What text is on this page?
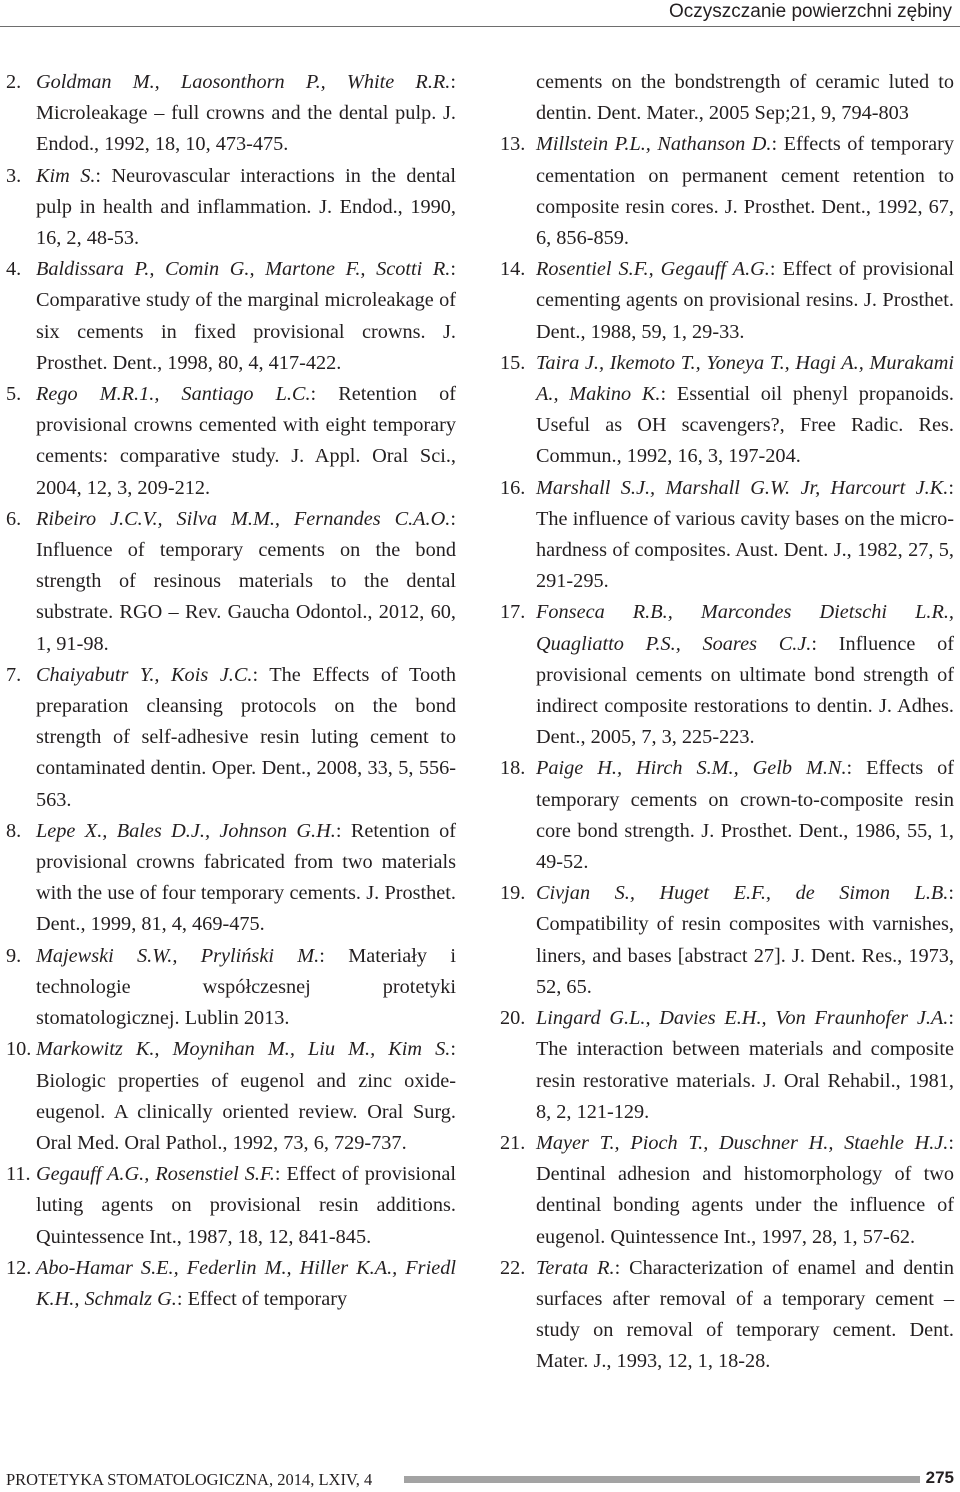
Oczyszczanie powierzchni zębiny
2. Goldman M., Laosonthorn P., White R.R.: Microleakage – full crowns and the dental pulp. J. Endod., 1992, 18, 10, 473-475.
3. Kim S.: Neurovascular interactions in the dental pulp in health and inflammation. J. Endod., 1990, 16, 2, 48-53.
4. Baldissara P., Comin G., Martone F., Scotti R.: Comparative study of the marginal microleakage of six cements in fixed provisional crowns. J. Prosthet. Dent., 1998, 80, 4, 417-422.
5. Rego M.R.1., Santiago L.C.: Retention of provisional crowns cemented with eight temporary cements: comparative study. J. Appl. Oral Sci., 2004, 12, 3, 209-212.
6. Ribeiro J.C.V., Silva M.M., Fernandes C.A.O.: Influence of temporary cements on the bond strength of resinous materials to the dental substrate. RGO – Rev. Gaucha Odontol., 2012, 60, 1, 91-98.
7. Chaiyabutr Y., Kois J.C.: The Effects of Tooth preparation cleansing protocols on the bond strength of self-adhesive resin luting cement to contaminated dentin. Oper. Dent., 2008, 33, 5, 556-563.
8. Lepe X., Bales D.J., Johnson G.H.: Retention of provisional crowns fabricated from two materials with the use of four temporary cements. J. Prosthet. Dent., 1999, 81, 4, 469-475.
9. Majewski S.W., Pryliński M.: Materiały i technologie współczesnej protetyki stomatologicznej. Lublin 2013.
10. Markowitz K., Moynihan M., Liu M., Kim S.: Biologic properties of eugenol and zinc oxide-eugenol. A clinically oriented review. Oral Surg. Oral Med. Oral Pathol., 1992, 73, 6, 729-737.
11. Gegauff A.G., Rosenstiel S.F.: Effect of provisional luting agents on provisional resin additions. Quintessence Int., 1987, 18, 12, 841-845.
12. Abo-Hamar S.E., Federlin M., Hiller K.A., Friedl K.H., Schmalz G.: Effect of temporary
cements on the bondstrength of ceramic luted to dentin. Dent. Mater., 2005 Sep;21, 9, 794-803
13. Millstein P.L., Nathanson D.: Effects of temporary cementation on permanent cement retention to composite resin cores. J. Prosthet. Dent., 1992, 67, 6, 856-859.
14. Rosentiel S.F., Gegauff A.G.: Effect of provisional cementing agents on provisional resins. J. Prosthet. Dent., 1988, 59, 1, 29-33.
15. Taira J., Ikemoto T., Yoneya T., Hagi A., Murakami A., Makino K.: Essential oil phenyl propanoids. Useful as OH scavengers?, Free Radic. Res. Commun., 1992, 16, 3, 197-204.
16. Marshall S.J., Marshall G.W. Jr, Harcourt J.K.: The influence of various cavity bases on the micro-hardness of composites. Aust. Dent. J., 1982, 27, 5, 291-295.
17. Fonseca R.B., Marcondes Dietschi L.R., Quagliatto P.S., Soares C.J.: Influence of provisional cements on ultimate bond strength of indirect composite restorations to dentin. J. Adhes. Dent., 2005, 7, 3, 225-223.
18. Paige H., Hirch S.M., Gelb M.N.: Effects of temporary cements on crown-to-composite resin core bond strength. J. Prosthet. Dent., 1986, 55, 1, 49-52.
19. Civjan S., Huget E.F., de Simon L.B.: Compatibility of resin composites with varnishes, liners, and bases [abstract 27]. J. Dent. Res., 1973, 52, 65.
20. Lingard G.L., Davies E.H., Von Fraunhofer J.A.: The interaction between materials and composite resin restorative materials. J. Oral Rehabil., 1981, 8, 2, 121-129.
21. Mayer T., Pioch T., Duschner H., Staehle H.J.: Dentinal adhesion and histomorphology of two dentinal bonding agents under the influence of eugenol. Quintessence Int., 1997, 28, 1, 57-62.
22. Terata R.: Characterization of enamel and dentin surfaces after removal of a temporary cement – study on removal of temporary cement. Dent. Mater. J., 1993, 12, 1, 18-28.
PROTETYKA STOMATOLOGICZNA, 2014, LXIV, 4	275
